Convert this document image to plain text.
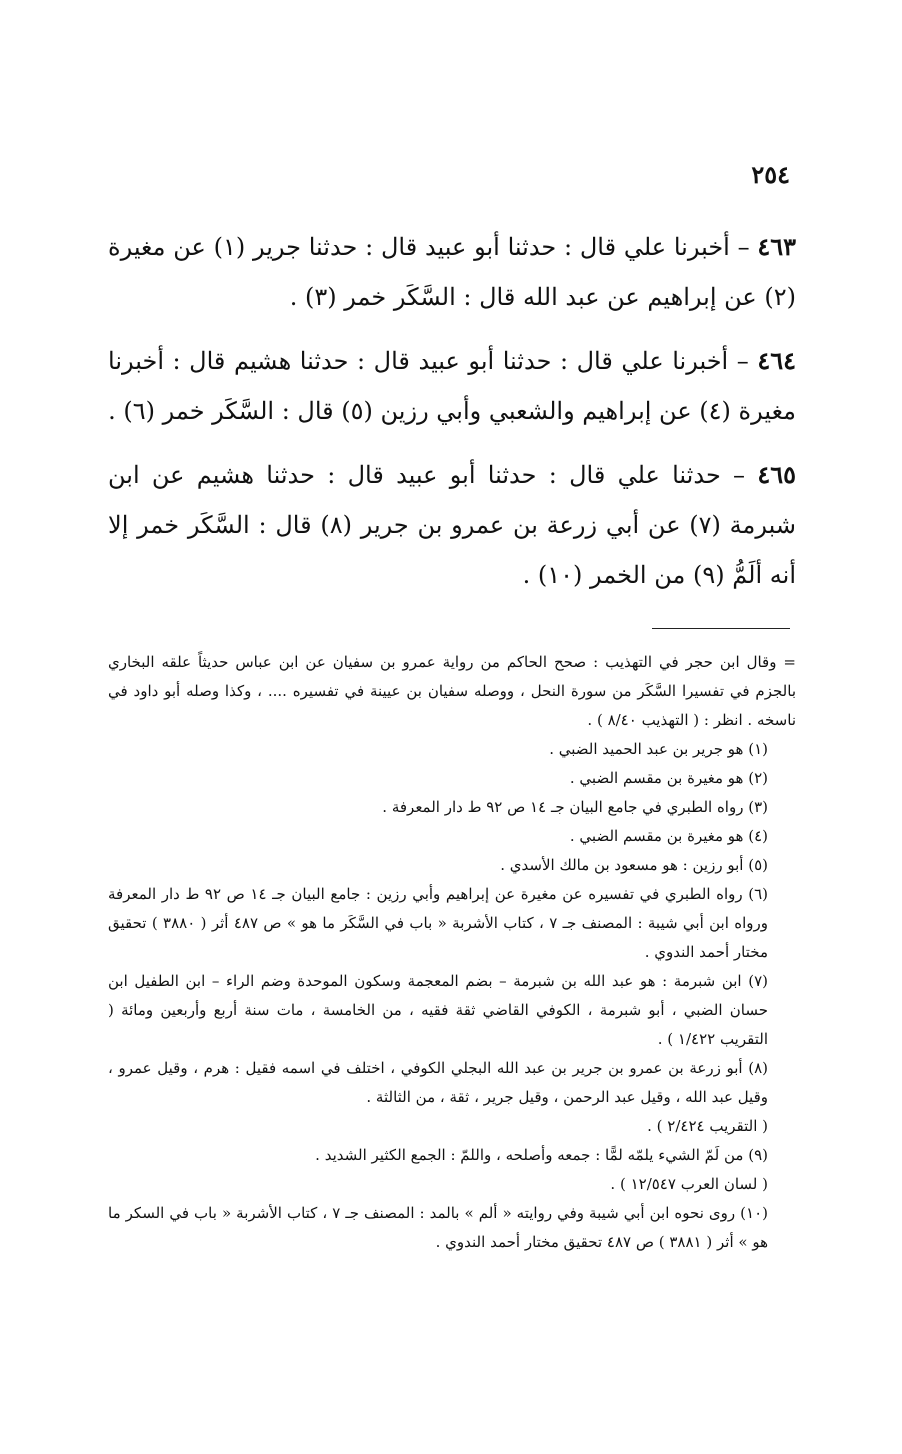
٢٥٤

٤٦٣ – أخبرنا علي قال : حدثنا أبو عبيد قال : حدثنا جرير (١) عن مغيرة (٢) عن إبراهيم عن عبد الله قال : السَّكَر خمر (٣) .

٤٦٤ – أخبرنا علي قال : حدثنا أبو عبيد قال : حدثنا هشيم قال : أخبرنا مغيرة (٤) عن إبراهيم والشعبي وأبي رزين (٥) قال : السَّكَر خمر (٦) .

٤٦٥ – حدثنا علي قال : حدثنا أبو عبيد قال : حدثنا هشيم عن ابن شبرمة (٧) عن أبي زرعة بن عمرو بن جرير (٨) قال : السَّكَر خمر إلا أنه ألَمُّ (٩) من الخمر (١٠) .

= وقال ابن حجر في التهذيب : صحح الحاكم من رواية عمرو بن سفيان عن ابن عباس حديثاً علقه البخاري بالجزم في تفسيرا السَّكَر من سورة النحل ، ووصله سفيان بن عيينة في تفسيره .... ، وكذا وصله أبو داود في ناسخه . انظر : ( التهذيب ٨/٤٠ ) .

(١) هو جرير بن عبد الحميد الضبي .

(٢) هو مغيرة بن مقسم الضبي .

(٣) رواه الطبري في جامع البيان جـ ١٤ ص ٩٢ ط دار المعرفة .

(٤) هو مغيرة بن مقسم الضبي .

(٥) أبو رزين : هو مسعود بن مالك الأسدي .

(٦) رواه الطبري في تفسيره عن مغيرة عن إبراهيم وأبي رزين : جامع البيان جـ ١٤ ص ٩٢ ط دار المعرفة ورواه ابن أبي شيبة : المصنف جـ ٧ ، كتاب الأشربة « باب في السَّكَر ما هو » ص ٤٨٧ أثر ( ٣٨٨٠ ) تحقيق مختار أحمد الندوي .

(٧) ابن شبرمة : هو عبد الله بن شبرمة – بضم المعجمة وسكون الموحدة وضم الراء – ابن الطفيل ابن حسان الضبي ، أبو شبرمة ، الكوفي القاضي ثقة فقيه ، من الخامسة ، مات سنة أربع وأربعين ومائة ( التقريب ١/٤٢٢ ) .

(٨) أبو زرعة بن عمرو بن جرير بن عبد الله البجلي الكوفي ، اختلف في اسمه فقيل : هرم ، وقيل عمرو ، وقيل عبد الله ، وقيل عبد الرحمن ، وقيل جرير ، ثقة ، من الثالثة .

( التقريب ٢/٤٢٤ ) .

(٩) من لَمّ الشيء يلمّه لمًّا : جمعه وأصلحه ، واللمّ : الجمع الكثير الشديد .

( لسان العرب ١٢/٥٤٧ ) .

(١٠) روى نحوه ابن أبي شيبة وفي روايته « ألم » بالمد : المصنف جـ ٧ ، كتاب الأشربة « باب في السكر ما هو » أثر ( ٣٨٨١ ) ص ٤٨٧ تحقيق مختار أحمد الندوي .
